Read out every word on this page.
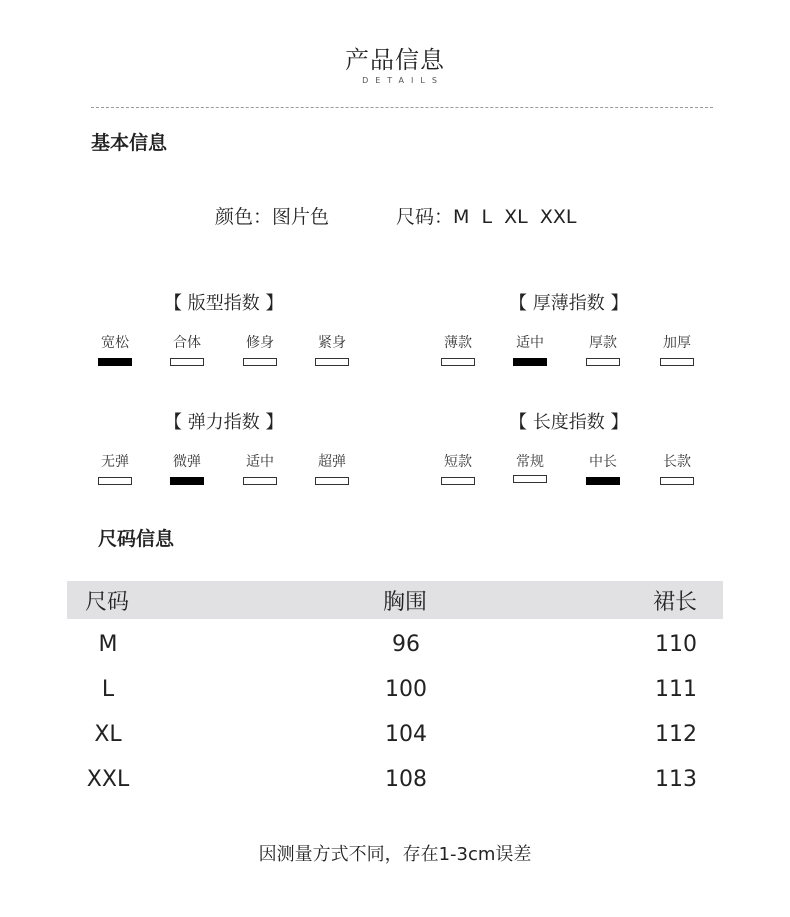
产品信息
DETAILS
基本信息
颜色：图片色	尺码：M  L  XL  XXL
【 版型指数 】
宽松	合体	修身	紧身
【 厚薄指数 】
薄款	适中	厚款	加厚
【 弹力指数 】
无弹	微弹	适中	超弹
【 长度指数 】
短款	常规	中长	长款
尺码信息
尺码	胸围	裙长
M	96	110
L	100	111
XL	104	112
XXL	108	113
因测量方式不同，存在1-3cm误差
